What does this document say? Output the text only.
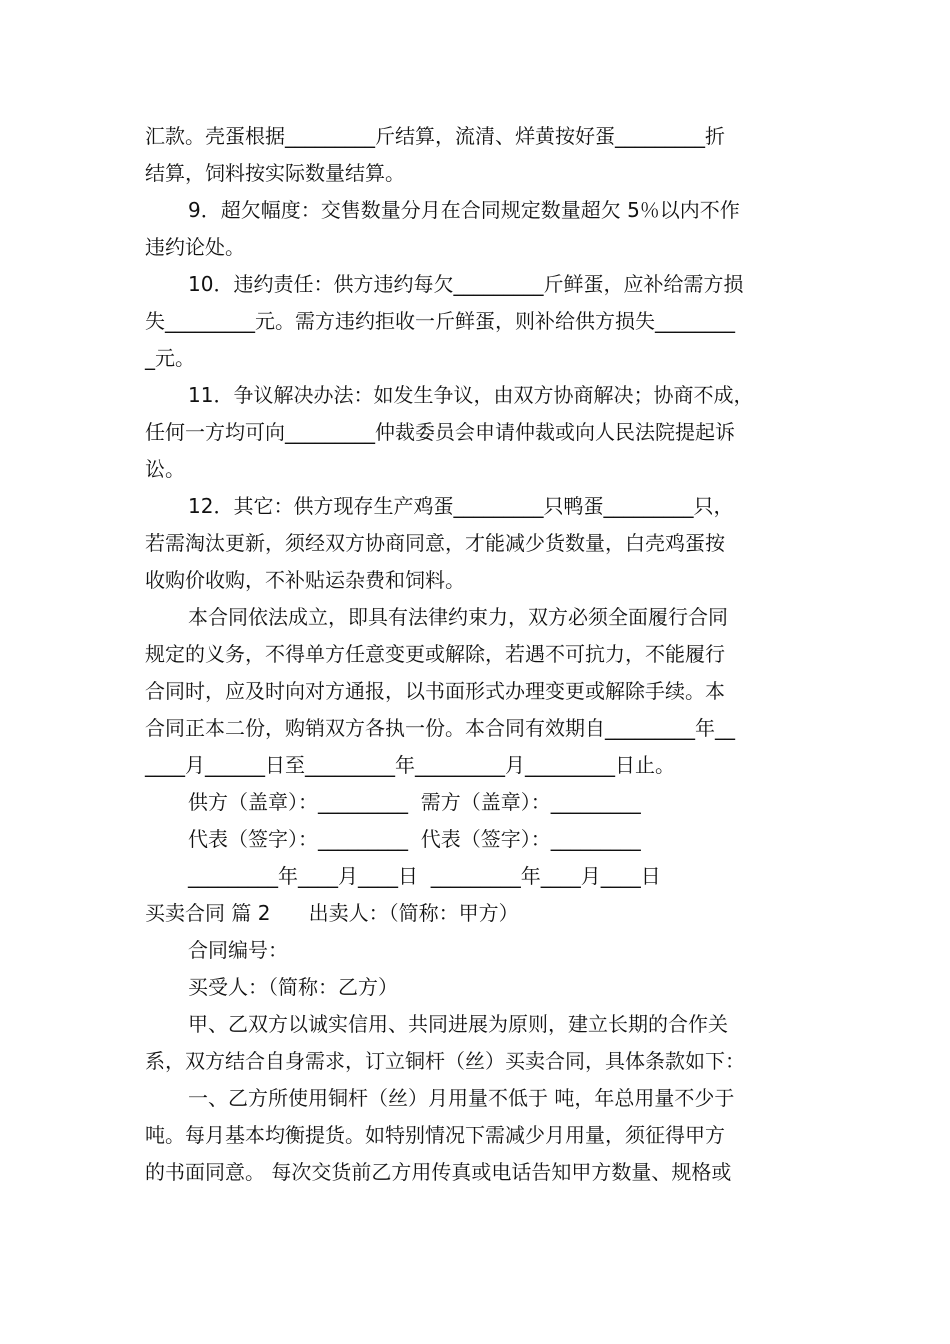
汇款。壳蛋根据_________斤结算，流清、烊黄按好蛋_________折
结算，饲料按实际数量结算。
9．超欠幅度：交售数量分月在合同规定数量超欠 5％以内不作
违约论处。
10．违约责任：供方违约每欠_________斤鲜蛋，应补给需方损
失_________元。需方违约拒收一斤鲜蛋，则补给供方损失________
_元。
11．争议解决办法：如发生争议，由双方协商解决；协商不成，
任何一方均可向_________仲裁委员会申请仲裁或向人民法院提起诉
讼。
12．其它：供方现存生产鸡蛋_________只鸭蛋_________只，
若需淘汰更新，须经双方协商同意，才能减少货数量，白壳鸡蛋按
收购价收购，不补贴运杂费和饲料。
本合同依法成立，即具有法律约束力，双方必须全面履行合同
规定的义务，不得单方任意变更或解除，若遇不可抗力，不能履行
合同时，应及时向对方通报，以书面形式办理变更或解除手续。本
合同正本二份，购销双方各执一份。本合同有效期自_________年__
____月______日至_________年_________月_________日止。
供方（盖章）：_________  需方（盖章）：_________
代表（签字）：_________  代表（签字）：_________
_________年____月____日  _________年____月____日
买卖合同 篇 2      出卖人：（简称：甲方）
合同编号：
买受人：（简称：乙方）
甲、乙双方以诚实信用、共同进展为原则，建立长期的合作关
系，双方结合自身需求，订立铜杆（丝）买卖合同，具体条款如下：
一、乙方所使用铜杆（丝）月用量不低于 吨，年总用量不少于
吨。每月基本均衡提货。如特别情况下需减少月用量，须征得甲方
的书面同意。 每次交货前乙方用传真或电话告知甲方数量、规格或
